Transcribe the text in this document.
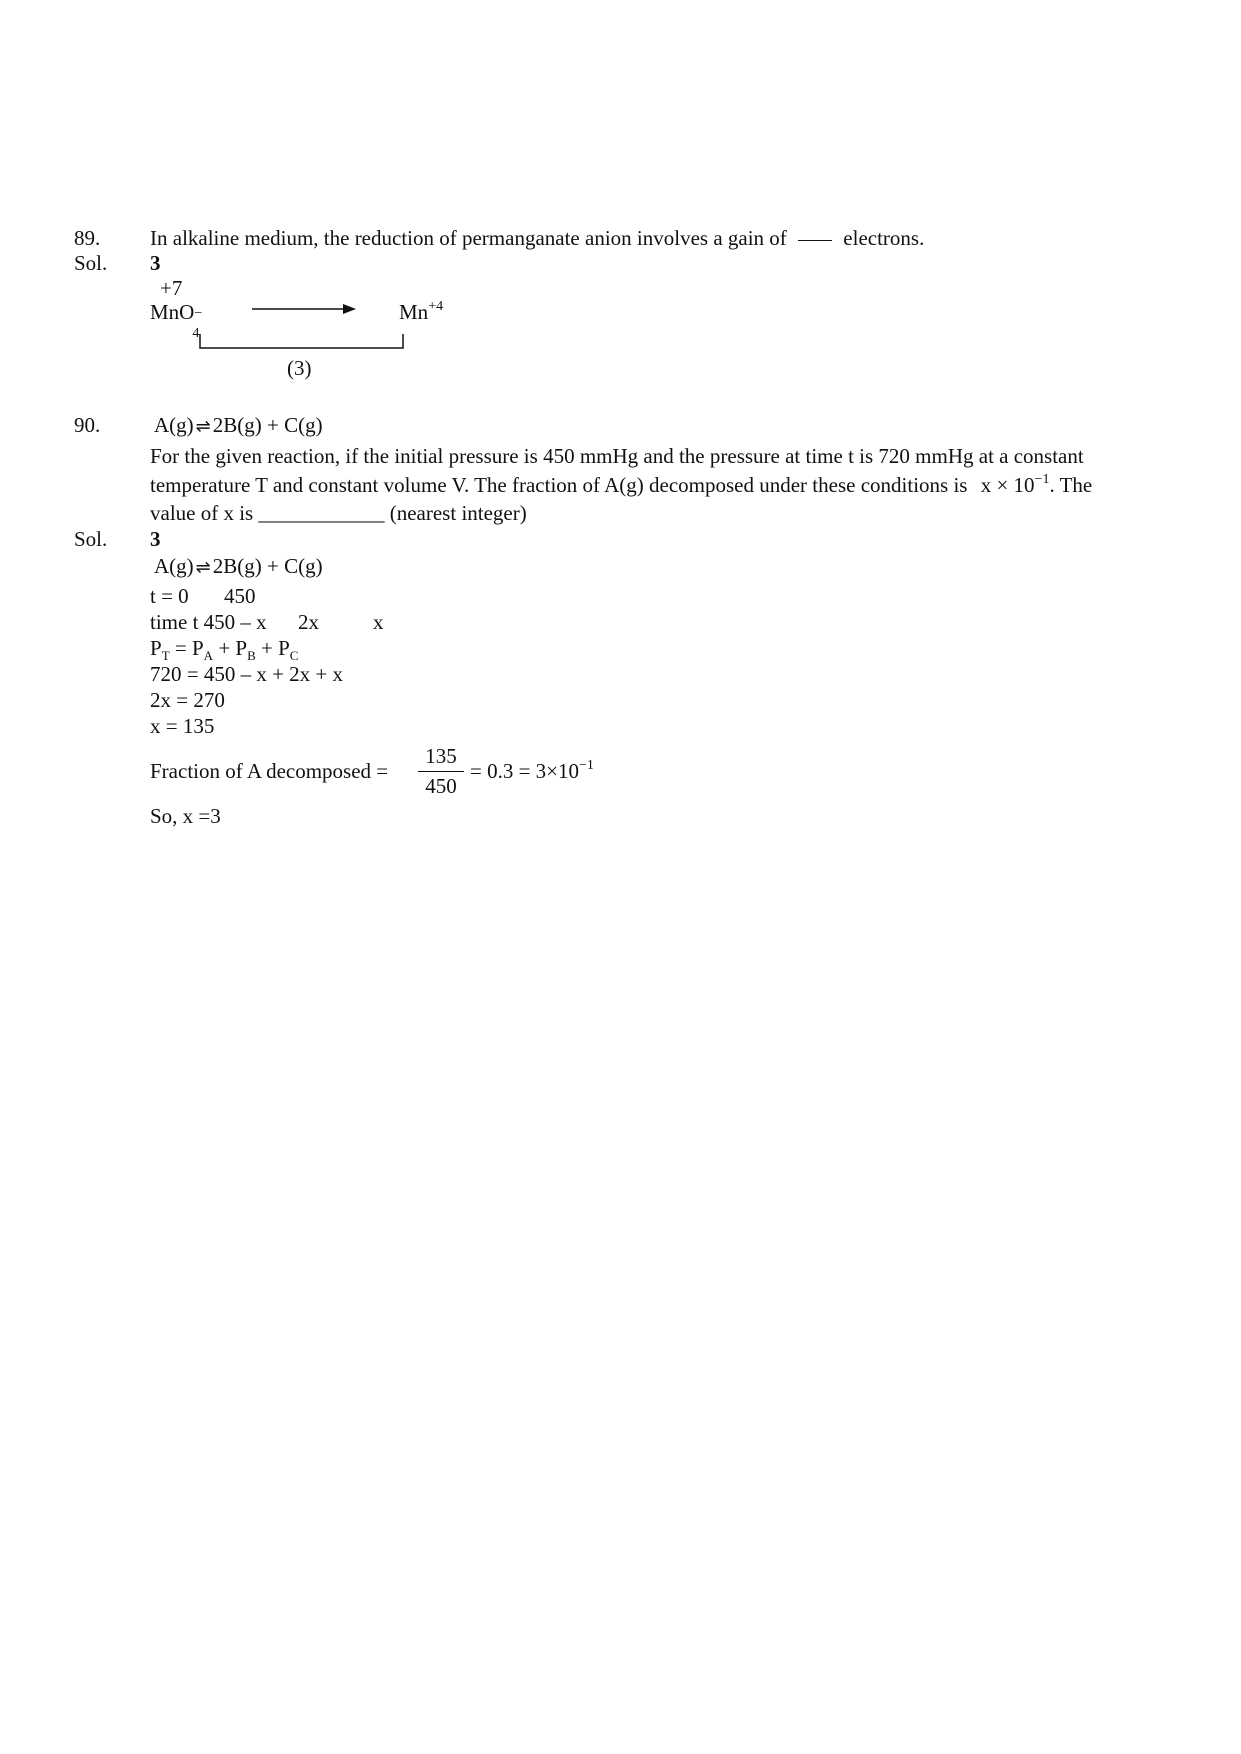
89. In alkaline medium, the reduction of permanganate anion involves a gain of	electrons.
Sol. 3
+7
MnO −
4
$Mn^{+4}$
(3)
90.	A(g) ⇌2B(g) + C(g)
For the given reaction, if the initial pressure is 450 mmHg and the pressure at time t is 720 mmHg at a constant
temperature T and constant volume V. The fraction of A(g) decomposed under these conditions is $x \times 10^{-1}$. The
value of x is ____________ (nearest integer)
Sol. 3
A(g) ⇌2B(g) + C(g)
t = 0 450
time t 450 – x 2x	x
$P_T = P_A + P_B + P_C$
720 = 450 – x + 2x + x
2x = 270
x = 135
Fraction of A decomposed =
135
450
= $0.3 = 3\times 10^{-1}$
So, x =3
